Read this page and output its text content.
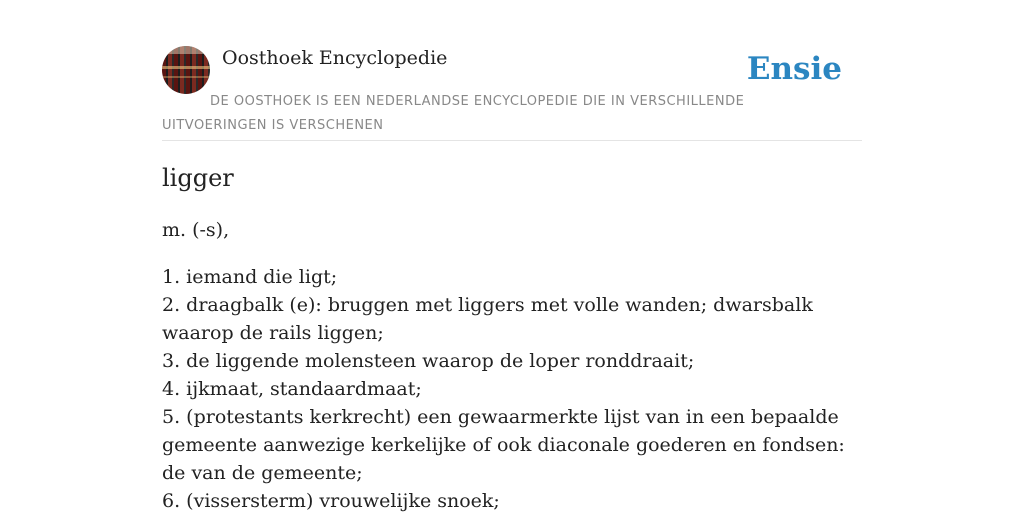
Oosthoek Encyclopedie	Ensie
DE OOSTHOEK IS EEN NEDERLANDSE ENCYCLOPEDIE DIE IN VERSCHILLENDE UITVOERINGEN IS VERSCHENEN
ligger

m. (-s),

1. iemand die ligt;
2. draagbalk (e): bruggen met liggers met volle wanden; dwarsbalk waarop de rails liggen;
3. de liggende molensteen waarop de loper ronddraait;
4. ijkmaat, standaardmaat;
5. (protestants kerkrecht) een gewaarmerkte lijst van in een bepaalde gemeente aanwezige kerkelijke of ook diaconale goederen en fondsen: de van de gemeente;
6. (vissersterm) vrouwelijke snoek;
